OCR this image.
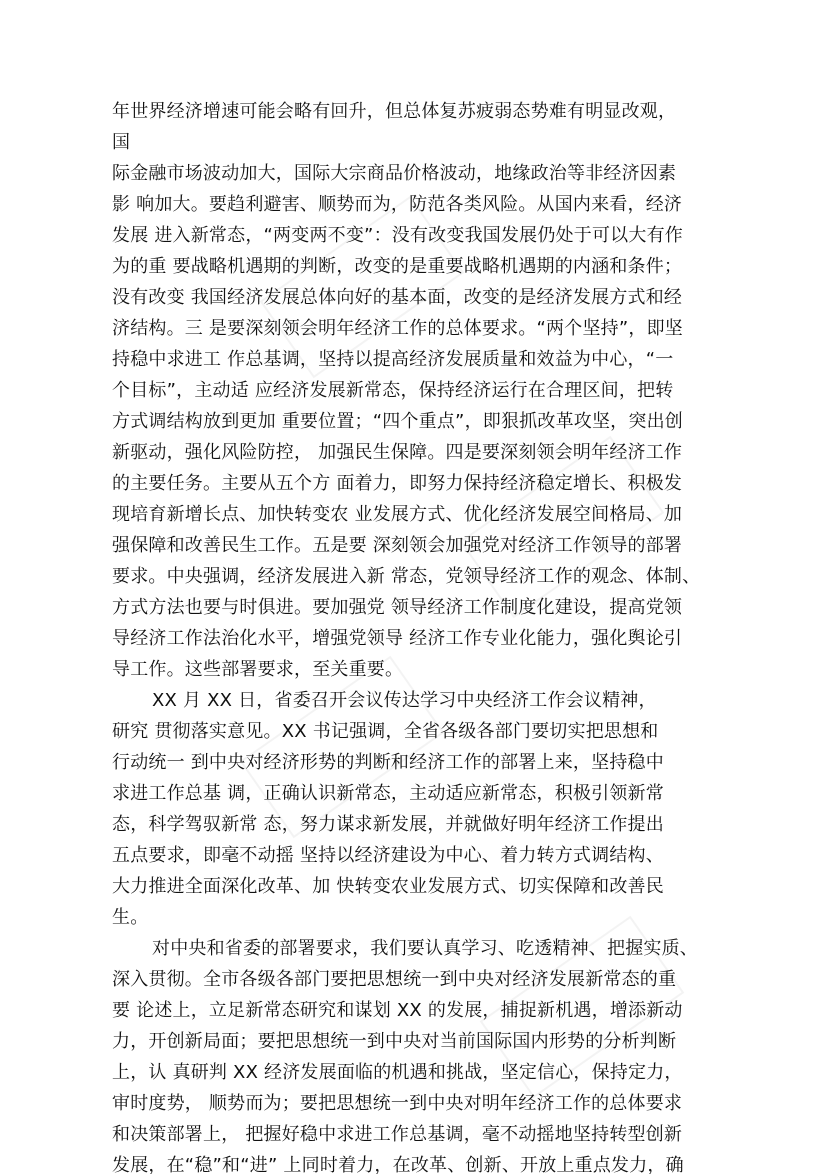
年世界经济增速可能会略有回升，但总体复苏疲弱态势难有明显改观，
国
际金融市场波动加大，国际大宗商品价格波动，地缘政治等非经济因素
影 响加大。要趋利避害、顺势而为，防范各类风险。从国内来看，经济
发展 进入新常态，“两变两不变”：没有改变我国发展仍处于可以大有作
为的重 要战略机遇期的判断，改变的是重要战略机遇期的内涵和条件；
没有改变 我国经济发展总体向好的基本面，改变的是经济发展方式和经
济结构。三 是要深刻领会明年经济工作的总体要求。“两个坚持”，即坚
持稳中求进工 作总基调，坚持以提高经济发展质量和效益为中心，“一
个目标”，主动适 应经济发展新常态，保持经济运行在合理区间，把转
方式调结构放到更加 重要位置；“四个重点”，即狠抓改革攻坚，突出创
新驱动，强化风险防控， 加强民生保障。四是要深刻领会明年经济工作
的主要任务。主要从五个方 面着力，即努力保持经济稳定增长、积极发
现培育新增长点、加快转变农 业发展方式、优化经济发展空间格局、加
强保障和改善民生工作。五是要 深刻领会加强党对经济工作领导的部署
要求。中央强调，经济发展进入新 常态，党领导经济工作的观念、体制、
方式方法也要与时俱进。要加强党 领导经济工作制度化建设，提高党领
导经济工作法治化水平，增强党领导 经济工作专业化能力，强化舆论引
导工作。这些部署要求，至关重要。
XX 月 XX 日，省委召开会议传达学习中央经济工作会议精神，
研究 贯彻落实意见。XX 书记强调，全省各级各部门要切实把思想和
行动统一 到中央对经济形势的判断和经济工作的部署上来，坚持稳中
求进工作总基 调，正确认识新常态，主动适应新常态，积极引领新常
态，科学驾驭新常 态，努力谋求新发展，并就做好明年经济工作提出
五点要求，即毫不动摇 坚持以经济建设为中心、着力转方式调结构、
大力推进全面深化改革、加 快转变农业发展方式、切实保障和改善民
生。
对中央和省委的部署要求，我们要认真学习、吃透精神、把握实质、
深入贯彻。全市各级各部门要把思想统一到中央对经济发展新常态的重
要 论述上，立足新常态研究和谋划 XX 的发展，捕捉新机遇，增添新动
力，开创新局面；要把思想统一到中央对当前国际国内形势的分析判断
上，认 真研判 XX 经济发展面临的机遇和挑战，坚定信心，保持定力，
审时度势， 顺势而为；要把思想统一到中央对明年经济工作的总体要求
和决策部署上， 把握好稳中求进工作总基调，毫不动摇地坚持转型创新
发展，在“稳”和“进” 上同时着力，在改革、创新、开放上重点发力，确
